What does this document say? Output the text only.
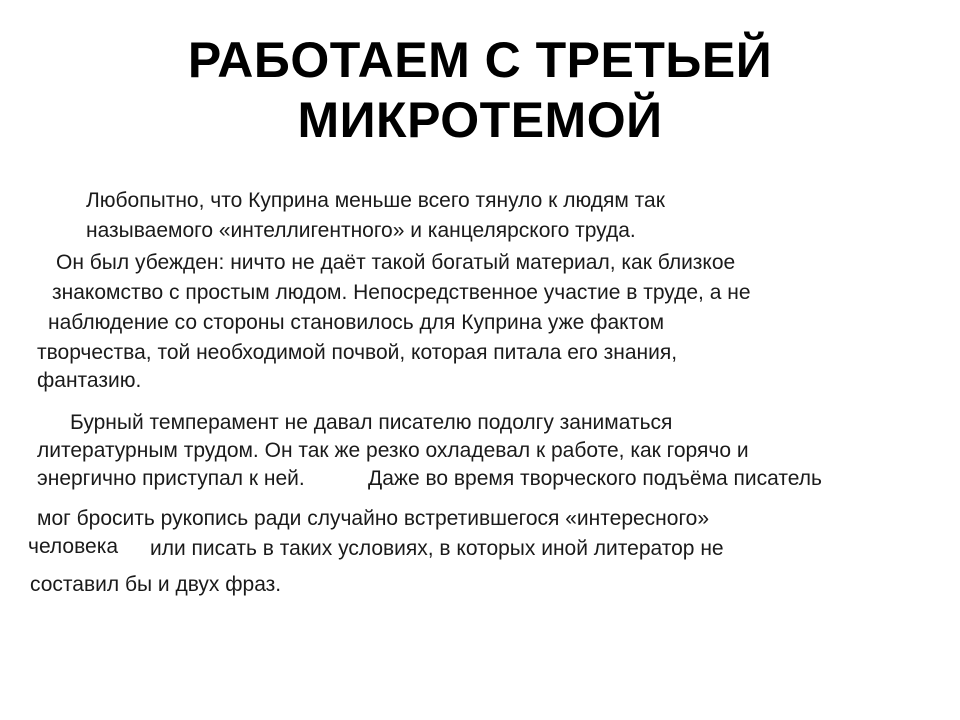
РАБОТАЕМ С ТРЕТЬЕЙ
МИКРОТЕМОЙ
Любопытно, что Куприна меньше всего тянуло к людям так
называемого «интеллигентного» и канцелярского труда.
Он был убежден: ничто не даёт такой богатый материал, как близкое
знакомство с простым людом. Непосредственное участие в труде, а не
наблюдение со стороны становилось для Куприна уже фактом
творчества, той необходимой почвой, которая питала его знания,
фантазию.
Бурный темперамент не давал писателю подолгу заниматься
литературным трудом. Он так же резко охладевал к работе, как горячо и
энергично приступал к ней.	Даже во время творческого подъёма писатель
мог бросить рукопись ради случайно встретившегося «интересного»
человека или писать в таких условиях, в которых иной литератор не
составил бы и двух фраз.
